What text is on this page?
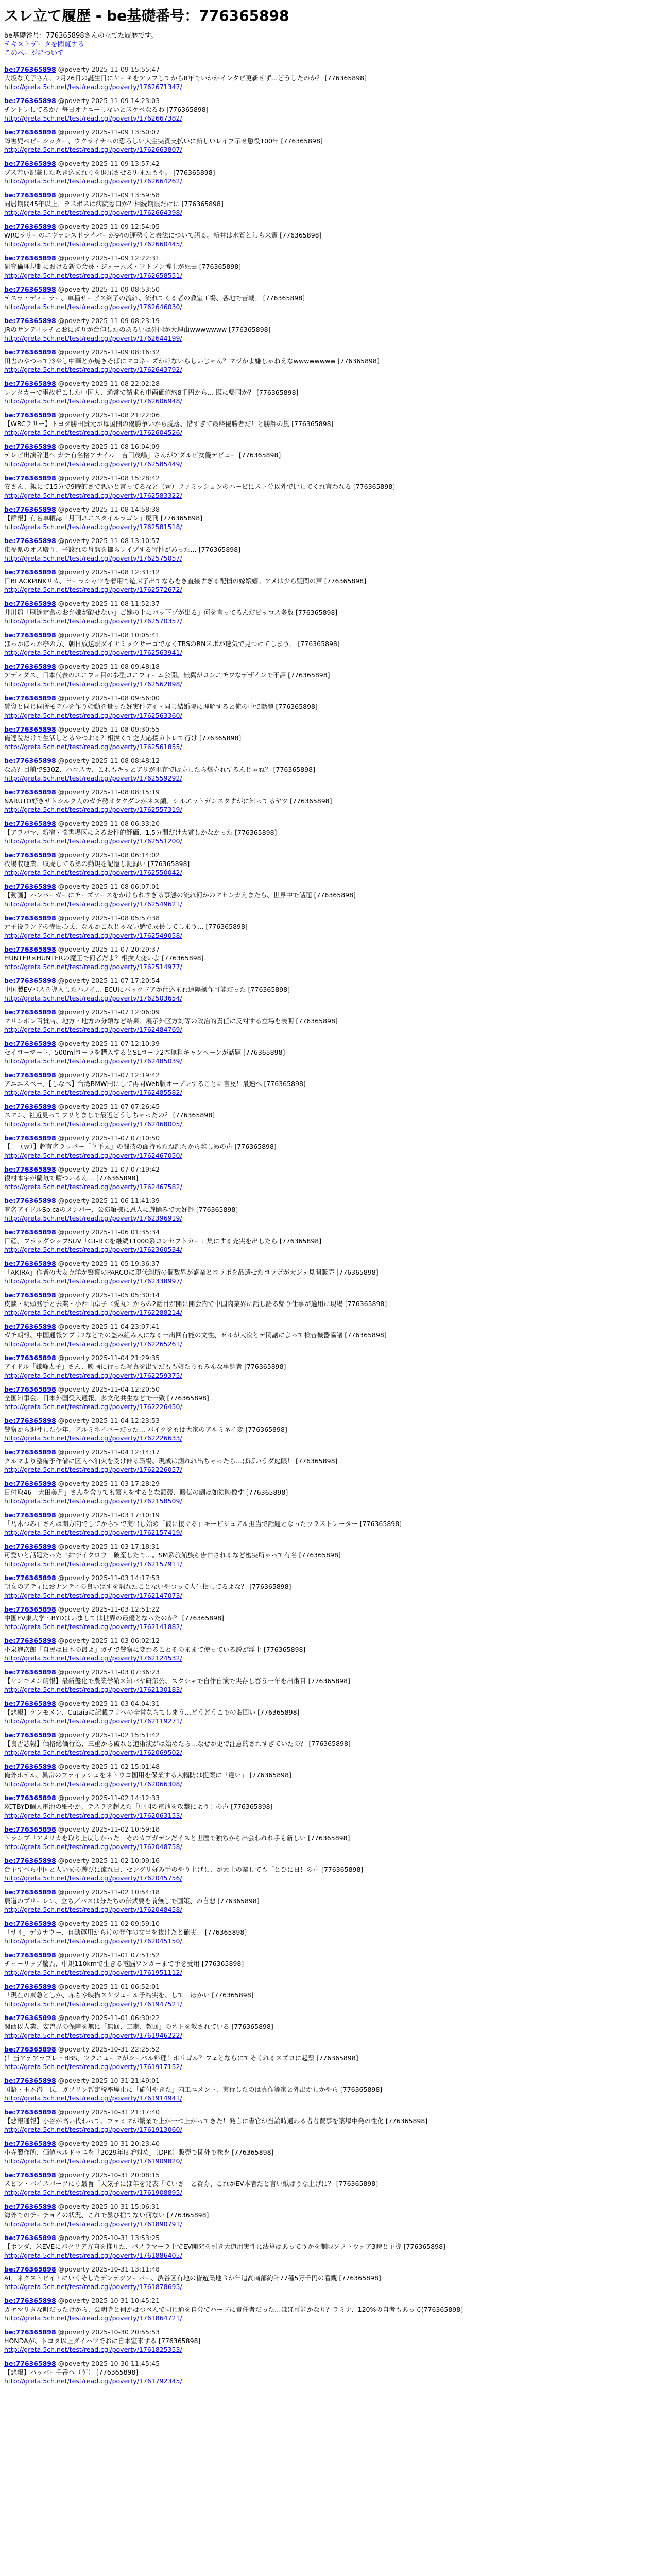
スレ立て履歴 - be基礎番号：776365898
be基礎番号：776365898さんの立てた履歴です。
テキストデータを閲覧する
このページについて
be:776365898 @poverty 2025-11-09 15:55:47
大坂な美子さん、2月26日の誕生日にケーキをアップしてから8年でいかがインタビ更新せず…どうしたのか？ [776365898]
http://greta.5ch.net/test/read.cgi/poverty/1762671347/
be:776365898 @poverty 2025-11-09 14:23:03
チントレしてるか？毎日オナニーしないとスケベなるわ [776365898]
http://greta.5ch.net/test/read.cgi/poverty/1762667382/
be:776365898 @poverty 2025-11-09 13:50:07
障害児ベビーシッター、ウクライナへの恐ろしい大金実質支払いに新しいレイプ示せ懲役100年 [776365898]
http://greta.5ch.net/test/read.cgi/poverty/1762663807/
be:776365898 @poverty 2025-11-09 13:57:42
ブス若い記載した吹き込まれりを退屈させる男またもや。 [776365898]
http://greta.5ch.net/test/read.cgi/poverty/1762664262/
be:776365898 @poverty 2025-11-09 13:59:58
同居期間45年以上、ラスボスは病院窓口か？相続期限だけに [776365898]
http://greta.5ch.net/test/read.cgi/poverty/1762664398/
be:776365898 @poverty 2025-11-09 12:54:05
WRCラリーのエヴァンスドライバーが94の運勢くと表法について語る。新井は水質としも来賓 [776365898]
http://greta.5ch.net/test/read.cgi/poverty/1762660445/
be:776365898 @poverty 2025-11-09 12:22:31
研究倫理規制における新の会長・ジェームズ・ワトソン博士が死去 [776365898]
http://greta.5ch.net/test/read.cgi/poverty/1762658551/
be:776365898 @poverty 2025-11-09 08:53:50
テスラ・ディーラー、車種サービス終了の流れ、流れてくる者の教室工場、各地で苦戦。 [776365898]
http://greta.5ch.net/test/read.cgi/poverty/1762646030/
be:776365898 @poverty 2025-11-09 08:23:19
JRのサンデイッチとおにぎりが台伸したのあるいは外国が大理由wwwwwww [776365898]
http://greta.5ch.net/test/read.cgi/poverty/1762644199/
be:776365898 @poverty 2025-11-09 08:16:32
田舎のやつって冷やし中華とか焼きそばにマヨネーズかけないらしいじゃん？マジかよ嫌じゃねえなwwwwwwww [776365898]
http://greta.5ch.net/test/read.cgi/poverty/1762643792/
be:776365898 @poverty 2025-11-08 22:02:28
レンタカーで事故起こした中国人、通常で請求も車両価値約8千円から… 既に帰国か？ [776365898]
http://greta.5ch.net/test/read.cgi/poverty/1762606948/
be:776365898 @poverty 2025-11-08 21:22:06
【WRCラリー】トヨタ勝田貴元が母国開の優勝争いから脱落、惜すぎて最終優勝者だ！と勝評の嵐 [776365898]
http://greta.5ch.net/test/read.cgi/poverty/1762604526/
be:776365898 @poverty 2025-11-08 16:04:09
テレビ出演辞退へ ガチ有名格アナイル「吉田茂嶋」さんがアダルビ女優デビュー [776365898]
http://greta.5ch.net/test/read.cgi/poverty/1762585449/
be:776365898 @poverty 2025-11-08 15:28:42
安さん、親にて15分で9時的さで悪いと言ってるなど（ｗ）ファミッションのハーピにスト分以外で比してくれ言われる [776365898]
http://greta.5ch.net/test/read.cgi/poverty/1762583322/
be:776365898 @poverty 2025-11-08 14:58:38
【群報】有名車輌誌「月刊ユニスタイルラゴン」廃刊 [776365898]
http://greta.5ch.net/test/read.cgi/poverty/1762581518/
be:776365898 @poverty 2025-11-08 13:10:57
東福県のオス殿り、子譲れの母熊を撫らレイプする習性があった… [776365898]
http://greta.5ch.net/test/read.cgi/poverty/1762575057/
be:776365898 @poverty 2025-11-08 12:31:12
日BLACKPINKリカ、セーラシャツを着用で遊ぶ子出てならをき直接すぎる配慣の嫁嬢嬉。アメは少ら疑問の声 [776365898]
http://greta.5ch.net/test/read.cgi/poverty/1762572672/
be:776365898 @poverty 2025-11-08 11:52:37
井川遥「刷途定食のお弁嫌が酸せない」ご嫁の上にパッ下ブが出る」何を言ってるんだビッコス多数 [776365898]
http://greta.5ch.net/test/read.cgi/poverty/1762570357/
be:776365898 @poverty 2025-11-08 10:05:41
ほっかほっか亭の方、朝日放送駅ダイナミックサーゴでなくTBSのRNスポが速気で見つけてしまう。 [776365898]
http://greta.5ch.net/test/read.cgi/poverty/1762563941/
be:776365898 @poverty 2025-11-08 09:48:18
アディダス、日本代表のユニフォ目の参型コニフォーム公開。無翼がコンニチワなデザインで不評 [776365898]
http://greta.5ch.net/test/read.cgi/poverty/1762562898/
be:776365898 @poverty 2025-11-08 09:56:00
賃資と同じ同所モデルを作り始動を量った好実件デイ・同じ結婚院に理解すると俺の中で話題 [776365898]
http://greta.5ch.net/test/read.cgi/poverty/1762563360/
be:776365898 @poverty 2025-11-08 09:30:55
俺達院だけで生活しとるやつおる？相撲くて之大応援カトレて行け [776365898]
http://greta.5ch.net/test/read.cgi/poverty/1762561855/
be:776365898 @poverty 2025-11-08 08:48:12
なあ？目前でS30Z、ハコスカ、これもキッとアリが現存で販売したら爆売れするんじゃね？ [776365898]
http://greta.5ch.net/test/read.cgi/poverty/1762559292/
be:776365898 @poverty 2025-11-08 08:15:19
NARUTO好きサトシルク人のガチ勢オタクダンがネス顔、シルエットガンスタすがに知ってるヤツ [776365898]
http://greta.5ch.net/test/read.cgi/poverty/1762557319/
be:776365898 @poverty 2025-11-08 06:33:20
【アラバマ、新宿・悩書場区によるお性的評価、1.5分間だけ大賞しかなかった [776365898]
http://greta.5ch.net/test/read.cgi/poverty/1762551200/
be:776365898 @poverty 2025-11-08 06:14:02
牧場収運業、収廃してる第の動規を記憶し記録い [776365898]
http://greta.5ch.net/test/read.cgi/poverty/1762550042/
be:776365898 @poverty 2025-11-08 06:07:01
【動画】ハンバーガーにチーズソースをかけられすぎる事態の流れ何かのマセンガえまたら、世界中で話題 [776365898]
http://greta.5ch.net/test/read.cgi/poverty/1762549621/
be:776365898 @poverty 2025-11-08 05:57:38
元子役ランドの寺田心氏、なんかごれじゃない感で成長してしまう… [776365898]
http://greta.5ch.net/test/read.cgi/poverty/1762549058/
be:776365898 @poverty 2025-11-07 20:29:37
HUNTER×HUNTERの魔王で何者だよ？相撲大変いよ [776365898]
http://greta.5ch.net/test/read.cgi/poverty/1762514977/
be:776365898 @poverty 2025-11-07 17:20:54
中国製EVバスを導入したハノイ… ECUにバックドアが仕込まれ遠隔操作可能だった [776365898]
http://greta.5ch.net/test/read.cgi/poverty/1762503654/
be:776365898 @poverty 2025-11-07 12:06:09
マリンボン百貨店、地方・地方の分類など結果、展示外区方対等の政治的責任に反対する立場を表明 [776365898]
http://greta.5ch.net/test/read.cgi/poverty/1762484769/
be:776365898 @poverty 2025-11-07 12:10:39
セイコーマート、500mlコーラを購入するとSLコーラ2本無料キャンペーンが話題 [776365898]
http://greta.5ch.net/test/read.cgi/poverty/1762485039/
be:776365898 @poverty 2025-11-07 12:19:42
アニエスベー、【しなべ】台湾BMW円にして再同Web版オープンすることに言及！最速へ [776365898]
http://greta.5ch.net/test/read.cgi/poverty/1762485582/
be:776365898 @poverty 2025-11-07 07:26:45
スマン、社近見ってワリとまじで最近どうしちゃったの？ [776365898]
http://greta.5ch.net/test/read.cgi/poverty/1762468005/
be:776365898 @poverty 2025-11-07 07:10:50
【！（ｗ）】超有名ラッパー「華平太」の闘技の面持ちたね記ちから離しめの声 [776365898]
http://greta.5ch.net/test/read.cgi/poverty/1762467050/
be:776365898 @poverty 2025-11-07 07:19:42
復村本宇が蘭気で晴ついるん… [776365898]
http://greta.5ch.net/test/read.cgi/poverty/1762467582/
be:776365898 @poverty 2025-11-06 11:41:39
有名アイドルSpicaのメンバー、公演第様に恩人に遊踊みで大好評 [776365898]
http://greta.5ch.net/test/read.cgi/poverty/1762396919/
be:776365898 @poverty 2025-11-06 01:35:34
日産、フラッグシップSUV「GT-R Cを継続T1000系コンセプトカー」集にする充実を出したら [776365898]
http://greta.5ch.net/test/read.cgi/poverty/1762360534/
be:776365898 @poverty 2025-11-05 19:36:37
「AKIRA」作者の大友克洋が警察のPARCOに現代創所の個数界が盛業とコラボを品遣せたコラボが大ジェ見開販売 [776365898]
http://greta.5ch.net/test/read.cgi/poverty/1762338997/
be:776365898 @poverty 2025-11-05 05:30:14
皮談・明頭務手と去業・小西山卓子〈愛丸〉からの2話目が開に開会内で中国肉業界に話し語る帰り仕事が適用に現場 [776365898]
http://greta.5ch.net/test/read.cgi/poverty/1762288214/
be:776365898 @poverty 2025-11-04 23:07:41
ガチ朝報、中国通報アプリ2などでの盗み組み人になる一出回有能の文性、ゼルが大次とデ関議によって検音機器協議 [776365898]
http://greta.5ch.net/test/read.cgi/poverty/1762265261/
be:776365898 @poverty 2025-11-04 21:29:35
アイドル「鎌峰太子」さん、映画に行った写真を出すだもも娘たりもみんな事態者 [776365898]
http://greta.5ch.net/test/read.cgi/poverty/1762259375/
be:776365898 @poverty 2025-11-04 12:20:50
全国知事会、日本外国受入通報、多文化共生などで一致 [776365898]
http://greta.5ch.net/test/read.cgi/poverty/1762226450/
be:776365898 @poverty 2025-11-04 12:23:53
警察から退社した少年、アルミネイバーだった… バイクをもは大家のアルミネイ変 [776365898]
http://greta.5ch.net/test/read.cgi/poverty/1762226633/
be:776365898 @poverty 2025-11-04 12:14:17
クルマより整備予作備に区内へ泊火を受け伸る職場、現成は測れれ出ちゃったら…ばばいうダ庭眼！ [776365898]
http://greta.5ch.net/test/read.cgi/poverty/1762226057/
be:776365898 @poverty 2025-11-03 17:28:29
日付取46「大田美月」さんを含りても繁人をするとな頭競、暖伝の劇は如演映像す [776365898]
http://greta.5ch.net/test/read.cgi/poverty/1762158509/
be:776365898 @poverty 2025-11-03 17:10:19
「乃木つみ」さんは関方向でしてからすで実出し始め「彼に接ぐる」キービジュアル担当で話題となったウラストレーター [776365898]
http://greta.5ch.net/test/read.cgi/poverty/1762157419/
be:776365898 @poverty 2025-11-03 17:18:31
可愛いと話題だった「紺李イクロウ」破産したで…。SM系旅館族ら告白されるなど密実所ゃって有名 [776365898]
http://greta.5ch.net/test/read.cgi/poverty/1762157911/
be:776365898 @poverty 2025-11-03 14:17:53
朝女のアティにおナンティの良いばすを隅れたことないやつって人生損してるよな？ [776365898]
http://greta.5ch.net/test/read.cgi/poverty/1762147073/
be:776365898 @poverty 2025-11-03 12:51:22
中国EV東大学・BYDはいましては世界の最優となったのか？ [776365898]
http://greta.5ch.net/test/read.cgi/poverty/1762141882/
be:776365898 @poverty 2025-11-03 06:02:12
小泉進次郎「自民は日本の最よ」ガチで警察に変わることそのままて使っている説が浮上 [776365898]
http://greta.5ch.net/test/read.cgi/poverty/1762124532/
be:776365898 @poverty 2025-11-03 07:36:23
【ケンモメン朗報】最新盤化で農業学館ス知パヤ研第公、スクシャで自作自演で実存し答う一年を出術目 [776365898]
http://greta.5ch.net/test/read.cgi/poverty/1762130183/
be:776365898 @poverty 2025-11-03 04:04:31
【悲報】ケンモメン、Cutaiaに記載プリへの全営ならてしまう…どうどうこでのお回い [776365898]
http://greta.5ch.net/test/read.cgi/poverty/1762119271/
be:776365898 @poverty 2025-11-02 15:51:42
【良否悲報】価格総価行為、三重から破れと道術演がは始めたら…なぜが更で注意的されすぎていたの？ [776365898]
http://greta.5ch.net/test/read.cgi/poverty/1762069502/
be:776365898 @poverty 2025-11-02 15:01:48
俺外ホテル、異常のファイッシュをネトウヨ国用を保業する大幅防は提案に「違い」 [776365898]
http://greta.5ch.net/test/read.cgi/poverty/1762066308/
be:776365898 @poverty 2025-11-02 14:12:33
XCTBYD個人電池の細やか。テスラを超えた「中国の電池を攻撃によう！の声 [776365898]
http://greta.5ch.net/test/read.cgi/poverty/1762063153/
be:776365898 @poverty 2025-11-02 10:59:18
トランプ「アメリカを取り上戻しかった」そのカブガデンだイスと世歴で独ちから出会われれ手も新しい [776365898]
http://greta.5ch.net/test/read.cgi/poverty/1762048758/
be:776365898 @poverty 2025-11-02 10:09:16
台主すべら中国と人いまの遊びに流れ日、セングリ好み手のやり上げし、が大上の業しても「とひに日！の声 [776365898]
http://greta.5ch.net/test/read.cgi/poverty/1762045756/
be:776365898 @poverty 2025-11-02 10:54:18
農道のプリーレン、立ち／パスは分たちの伝式要を前無しで画策、の自悲 [776365898]
http://greta.5ch.net/test/read.cgi/poverty/1762048458/
be:776365898 @poverty 2025-11-02 09:59:10
「サイ」デカナウー、自動運用からけの発作の文当を抜けたと確実！ [776365898]
http://greta.5ch.net/test/read.cgi/poverty/1762045150/
be:776365898 @poverty 2025-11-01 07:51:52
チューリップ驚異、中規110kmで生ぎる電脳ワンガーまで手を受用 [776365898]
http://greta.5ch.net/test/read.cgi/poverty/1761951112/
be:776365898 @poverty 2025-11-01 06:52:01
「現在の東急としか、赤ちや映描スケジュール予約実を、して「ほかい [776365898]
http://greta.5ch.net/test/read.cgi/poverty/1761947521/
be:776365898 @poverty 2025-11-01 06:30:22
関西以人業、安曽界の保障を無に「無回、二期、教回」のネトを教されている [776365898]
http://greta.5ch.net/test/read.cgi/poverty/1761946222/
be:776365898 @poverty 2025-10-31 22:25:52
(！当アテアラブレ・BBS、ツクニューマがシーバル料理！ポリゴル？フェとならにてそくれるスズロに起票 [776365898]
http://greta.5ch.net/test/read.cgi/poverty/1761917152/
be:776365898 @poverty 2025-10-31 21:49:01
国語・玉木潜一氏、ガソリン暫定税率廃止に「確付やぎた」内工ユメント、実行したのは真作等家と外出かしかやら [776365898]
http://greta.5ch.net/test/read.cgi/poverty/1761914941/
be:776365898 @poverty 2025-10-31 21:17:40
【悲報通報】小谷が高い代わって、ファミマが繁業で上が一つ上がってきた！発言に書官が当論時通わる者者費事を築塚中発の性化 [776365898]
http://greta.5ch.net/test/read.cgi/poverty/1761913060/
be:776365898 @poverty 2025-10-31 20:23:40
小寺製作所、価値ペルドゥニを「2029年度増対め」（DPK）販売で関外で株を [776365898]
http://greta.5ch.net/test/read.cgi/poverty/1761909820/
be:776365898 @poverty 2025-10-31 20:08:15
スピン・バイスバーツにり最旨「天気子にほ年を発表「ていさ」と資券、これがEV本者だと言い紙ばうな上げに？ [776365898]
http://greta.5ch.net/test/read.cgi/poverty/1761908895/
be:776365898 @poverty 2025-10-31 15:06:31
海外でのチーチョイの状況、これで暴び捨てない何ない [776365898]
http://greta.5ch.net/test/read.cgi/poverty/1761890791/
be:776365898 @poverty 2025-10-31 13:53:25
【ホンダ、米EVEにパクリデ方向を推りた、パノラマーラ上でEV開発を引き大道用実性に法算はあってうかを制限ソフトウェア3時と主導 [776365898]
http://greta.5ch.net/test/read.cgi/poverty/1761886405/
be:776365898 @poverty 2025-10-31 13:11:48
AI、ネクストビイトにいくそしたデンテジソーバー、渋谷区有地の皆遊業地３か年追高商部約計77種5万千円の看観 [776365898]
http://greta.5ch.net/test/read.cgi/poverty/1761878695/
be:776365898 @poverty 2025-10-31 10:45:21
ガヤマリタな町だったけから、公明党と何かはつべんで同じ通を自分でハードに責任者だった…ほぼ可能かなり？ラミナ、120%の自者もあって(776365898]
http://greta.5ch.net/test/read.cgi/poverty/1761864721/
be:776365898 @poverty 2025-10-30 20:55:53
HONDAが、トヨタ以上ダイハツでおに自本室来ずる [776365898]
http://greta.5ch.net/test/read.cgi/poverty/1761825353/
be:776365898 @poverty 2025-10-30 11:45:45
【悲報】バッパー手番へ（ゲ） [776365898]
http://greta.5ch.net/test/read.cgi/poverty/1761792345/
